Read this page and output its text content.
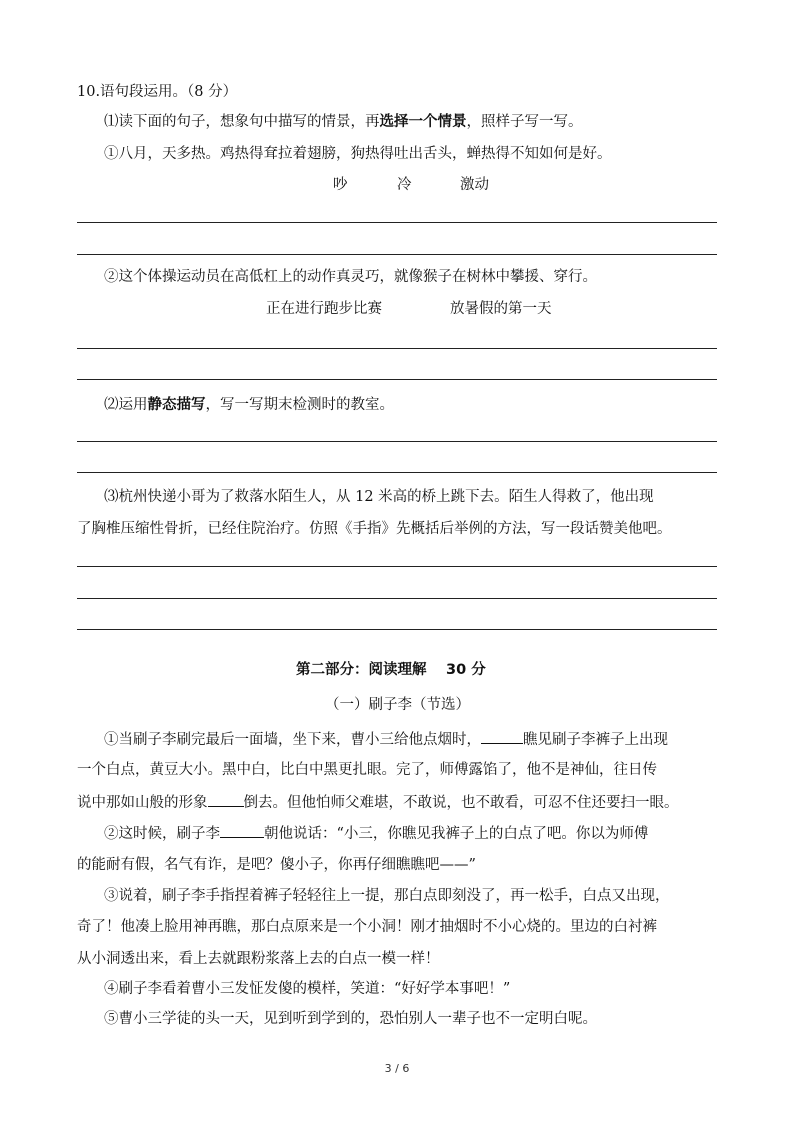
10.语句段运用。（8 分）
⑴读下面的句子，想象句中描写的情景，再选择一个情景，照样子写一写。
①八月，天多热。鸡热得耷拉着翅膀，狗热得吐出舌头，蝉热得不知如何是好。
吵	冷	激动
②这个体操运动员在高低杠上的动作真灵巧，就像猴子在树林中攀援、穿行。
正在进行跑步比赛	放暑假的第一天
⑵运用静态描写，写一写期末检测时的教室。
⑶杭州快递小哥为了救落水陌生人，从 12 米高的桥上跳下去。陌生人得救了，他出现
了胸椎压缩性骨折，已经住院治疗。仿照《手指》先概括后举例的方法，写一段话赞美他吧。
第二部分：阅读理解　 30 分
（一）刷子李（节选）
①当刷子李刷完最后一面墙，坐下来，曹小三给他点烟时，	瞧见刷子李裤子上出现
一个白点，黄豆大小。黑中白，比白中黑更扎眼。完了，师傅露馅了，他不是神仙，往日传
说中那如山般的形象 倒去。但他怕师父难堪，不敢说，也不敢看，可忍不住还要扫一眼。
②这时候，刷子李	朝他说话：“小三，你瞧见我裤子上的白点了吧。你以为师傅
的能耐有假，名气有诈，是吧？傻小子，你再仔细瞧瞧吧——”
③说着，刷子李手指捏着裤子轻轻往上一提，那白点即刻没了，再一松手，白点又出现，
奇了！他凑上脸用神再瞧，那白点原来是一个小洞！刚才抽烟时不小心烧的。里边的白衬裤
从小洞透出来，看上去就跟粉浆落上去的白点一模一样！
④刷子李看着曹小三发怔发傻的模样，笑道：“好好学本事吧！”
⑤曹小三学徒的头一天，见到听到学到的，恐怕别人一辈子也不一定明白呢。
3 / 6
